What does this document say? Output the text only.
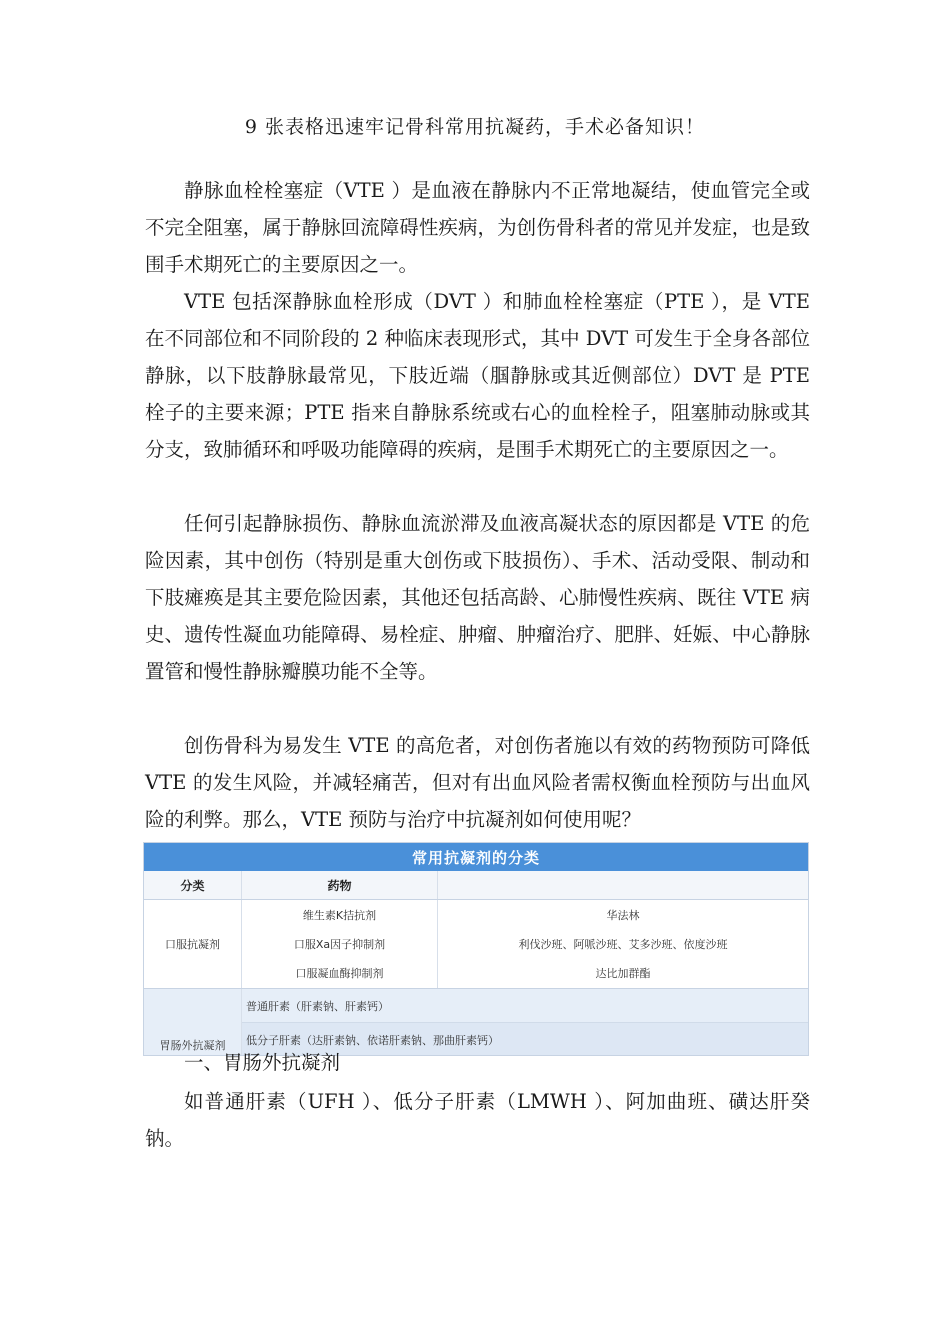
9 张表格迅速牢记骨科常用抗凝药，手术必备知识！

静脉血栓栓塞症（VTE ）是血液在静脉内不正常地凝结，使血管完全或不完全阻塞，属于静脉回流障碍性疾病，为创伤骨科者的常见并发症，也是致围手术期死亡的主要原因之一。

VTE 包括深静脉血栓形成（DVT ）和肺血栓栓塞症（PTE ），是 VTE 在不同部位和不同阶段的 2 种临床表现形式，其中 DVT 可发生于全身各部位静脉，以下肢静脉最常见，下肢近端（腘静脉或其近侧部位）DVT 是 PTE 栓子的主要来源；PTE 指来自静脉系统或右心的血栓栓子，阻塞肺动脉或其分支，致肺循环和呼吸功能障碍的疾病，是围手术期死亡的主要原因之一。

任何引起静脉损伤、静脉血流淤滞及血液高凝状态的原因都是 VTE 的危险因素，其中创伤（特别是重大创伤或下肢损伤）、手术、活动受限、制动和下肢瘫痪是其主要危险因素，其他还包括高龄、心肺慢性疾病、既往 VTE 病史、遗传性凝血功能障碍、易栓症、肿瘤、肿瘤治疗、肥胖、妊娠、中心静脉置管和慢性静脉瓣膜功能不全等。

创伤骨科为易发生 VTE 的高危者，对创伤者施以有效的药物预防可降低 VTE 的发生风险，并减轻痛苦，但对有出血风险者需权衡血栓预防与出血风险的利弊。那么，VTE 预防与治疗中抗凝剂如何使用呢？

常用抗凝剂的分类
分类	药物
口服抗凝剂
维生素K拮抗剂
口服Xa因子抑制剂
口服凝血酶抑制剂
华法林
利伐沙班、阿哌沙班、艾多沙班、依度沙班
达比加群酯
胃肠外抗凝剂
普通肝素（肝素钠、肝素钙）
低分子肝素（达肝素钠、依诺肝素钠、那曲肝素钙）
一、胃肠外抗凝剂

如普通肝素（UFH ）、低分子肝素（LMWH ）、阿加曲班、磺达肝癸钠。
